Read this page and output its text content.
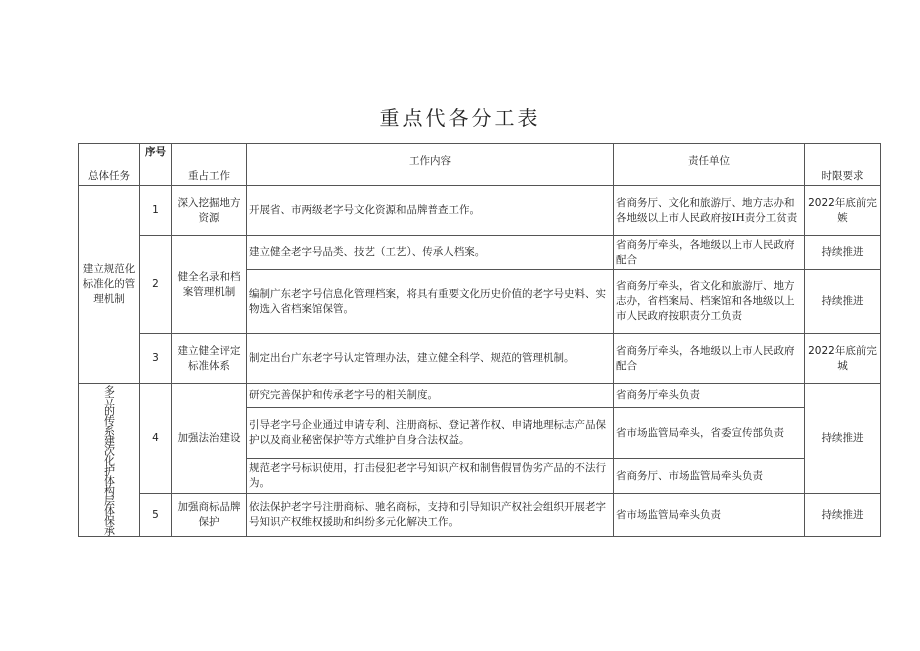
重点代各分工表
总体任务	序号	重占工作	工作内容	责任单位	时限要求
建立规范化标准化的管理机制	1	深入挖掘地方资源	开展省、市两级老字号文化资源和品牌普查工作。	省商务厅、文化和旅游厅、地方志办和各地级以上市人民政府按IH责分工贫责	2022年底前完嫉
	2	健全名录和档案管理机制	建立健全老字号品类、技艺（工艺）、传承人档案。	省商务厅牵头，各地级以上市人民政府配合	持续推进
			编制广东老字号信息化管理档案，将具有重要文化历史价值的老字号史料、实物选入省档案馆保管。	省商务厅牵头，省文化和旅游厅、地方志办，省档案局、档案馆和各地级以上市人民政府按职责分工负责	持续推进
	3	建立健全评定标准体系	制定出台广东老字号认定管理办法，建立健全科学、规范的管理机制。	省商务厅牵头，各地级以上市人民政府配合	2022年底前完城

多立的传系建次化护体构层体保承	4	加强法治建设	研究完善保护和传承老字号的相关制度。	省商务厅牵头负责	持续推进
			引导老字号企业通过申请专利、注册商标、登记著作权、申请地理标志产品保护以及商业秘密保护等方式维护自身合法权益。	省市场监管局牵头，省委宣传部负责	
			规范老字号标识使用，打击侵犯老字号知识产权和制售假冒伪劣产品的不法行为。	省商务厅、市场监管局牵头负责	
	5	加强商标品牌保护	依法保护老字号注册商标、驰名商标，支持和引导知识产权社会组织开展老字号知识产权维权援助和纠纷多元化解决工作。	省市场监管局牵头负责	持续推进
